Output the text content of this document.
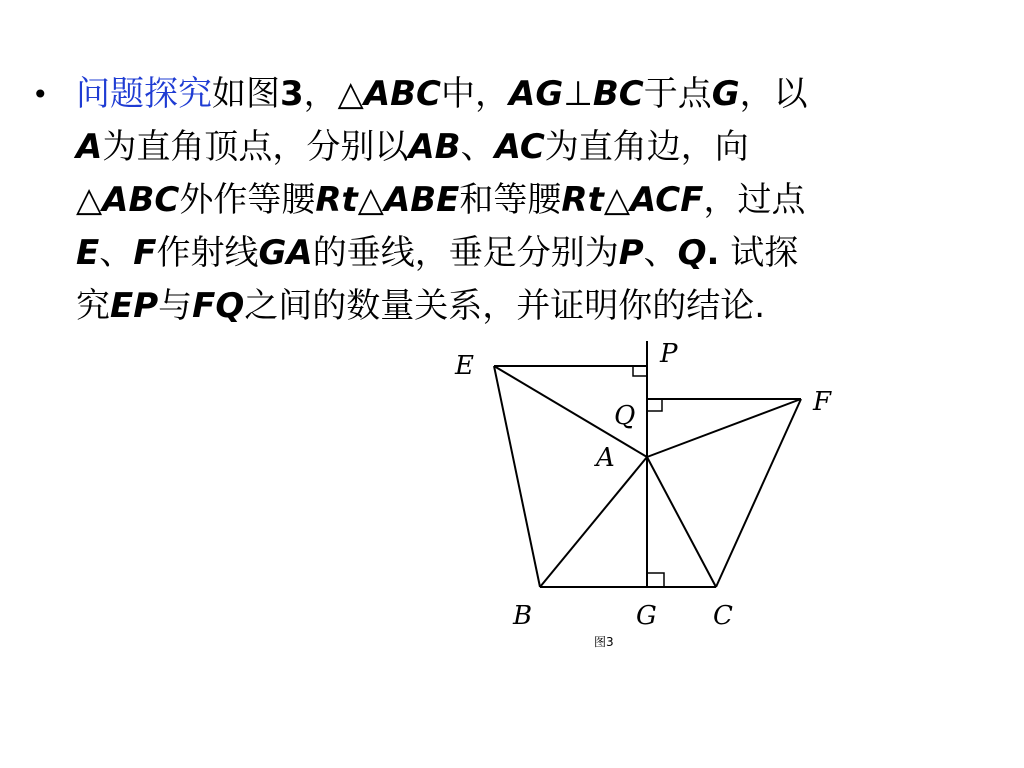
• 问题探究如图3，△ABC中，AG⊥BC于点G，以
A为直角顶点，分别以AB、AC为直角边，向
△ABC外作等腰Rt△ABE和等腰Rt△ACF，过点
E、F作射线GA的垂线，垂足分别为P、Q. 试探
究EP与FQ之间的数量关系，并证明你的结论.
E	P
F
Q
A
B	G C
图3
